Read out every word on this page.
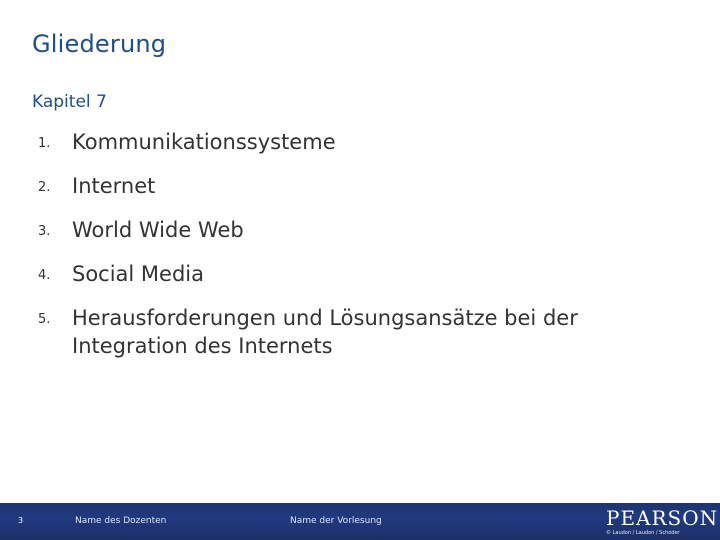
Gliederung
Kapitel 7
1.	Kommunikationssysteme
2.	Internet
3.	World Wide Web
4.	Social Media
5.	Herausforderungen und Lösungsansätze bei der Integration des Internets
3	Name des Dozenten	Name der Vorlesung	PEARSON
© Laudon / Laudon / Schoder
